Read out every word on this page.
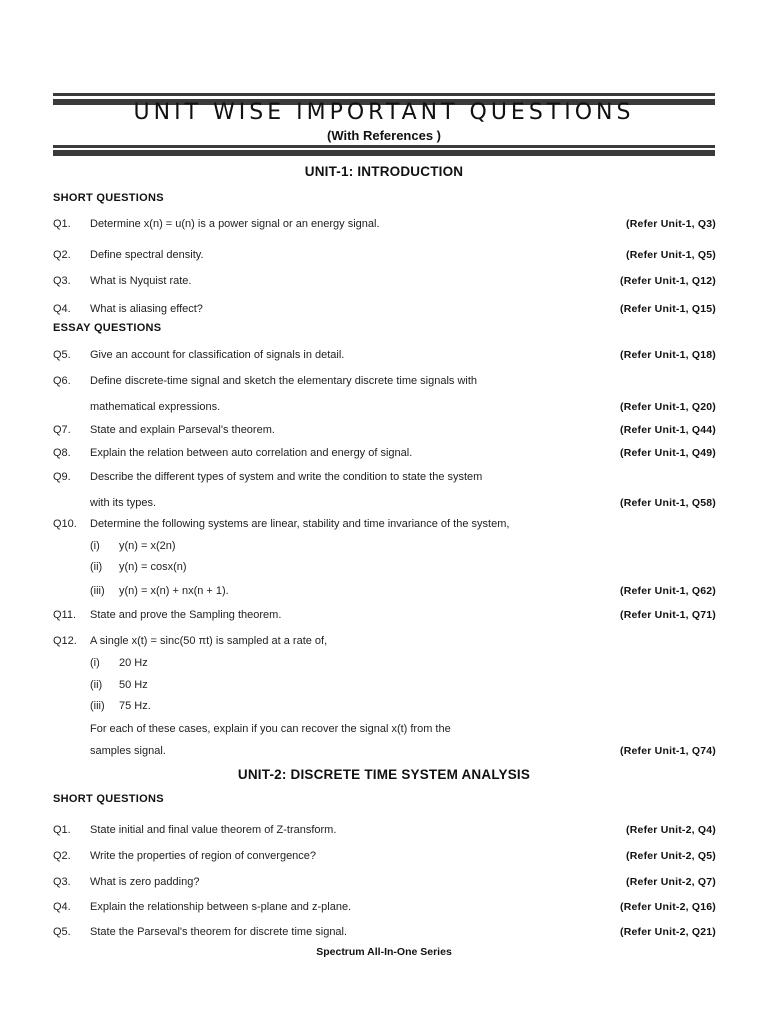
UNIT WISE IMPORTANT QUESTIONS
(With References )
UNIT-1: INTRODUCTION
SHORT QUESTIONS
Q1. Determine x(n) = u(n) is a power signal or an energy signal.	(Refer Unit-1, Q3)
Q2. Define spectral density.	(Refer Unit-1, Q5)
Q3. What is Nyquist rate.	(Refer Unit-1, Q12)
Q4. What is aliasing effect?	(Refer Unit-1, Q15)
ESSAY QUESTIONS
Q5. Give an account for classification of signals in detail.	(Refer Unit-1, Q18)
Q6. Define discrete-time signal and sketch the elementary discrete time signals with
mathematical expressions.	(Refer Unit-1, Q20)
Q7. State and explain Parseval's theorem.	(Refer Unit-1, Q44)
Q8. Explain the relation between auto correlation and energy of signal.	(Refer Unit-1, Q49)
Q9. Describe the different types of system and write the condition to state the system
with its types.	(Refer Unit-1, Q58)
Q10. Determine the following systems are linear, stability and time invariance of the system,
(i) y(n) = x(2n)
(ii) y(n) = cosx(n)
(iii) y(n) = x(n) + nx(n + 1).	(Refer Unit-1, Q62)
Q11. State and prove the Sampling theorem.	(Refer Unit-1, Q71)
Q12. A single x(t) = sinc(50 πt) is sampled at a rate of,
(i) 20 Hz
(ii) 50 Hz
(iii) 75 Hz.
For each of these cases, explain if you can recover the signal x(t) from the
samples signal.	(Refer Unit-1, Q74)
UNIT-2: DISCRETE TIME SYSTEM ANALYSIS
SHORT QUESTIONS
Q1. State initial and final value theorem of Z-transform.	(Refer Unit-2, Q4)
Q2. Write the properties of region of convergence?	(Refer Unit-2, Q5)
Q3. What is zero padding?	(Refer Unit-2, Q7)
Q4. Explain the relationship between s-plane and z-plane.	(Refer Unit-2, Q16)
Q5. State the Parseval's theorem for discrete time signal.	(Refer Unit-2, Q21)
Spectrum All-In-One Series
